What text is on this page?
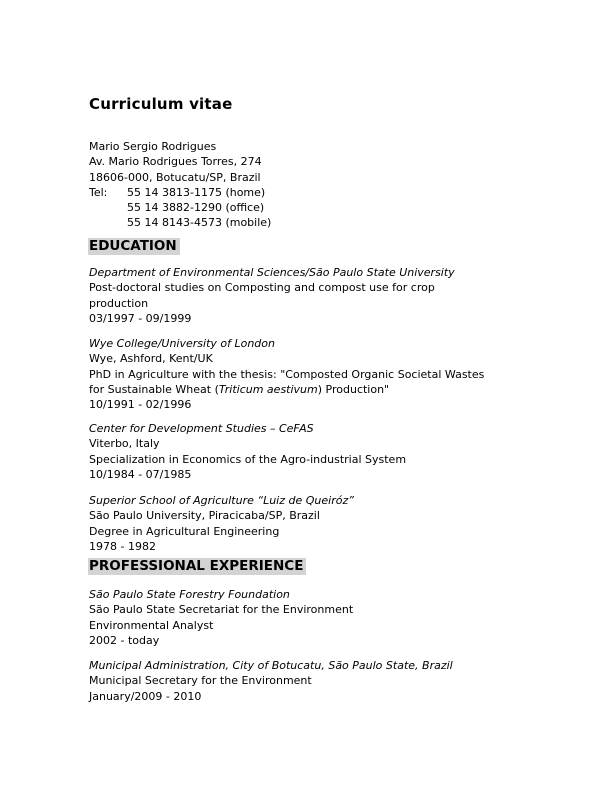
Curriculum vitae
Mario Sergio Rodrigues
Av. Mario Rodrigues Torres, 274
18606-000, Botucatu/SP, Brazil
Tel: 55 14 3813-1175 (home)
55 14 3882-1290 (office)
55 14 8143-4573 (mobile)
EDUCATION
Department of Environmental Sciences/São Paulo State University
Post-doctoral studies on Composting and compost use for crop
production
03/1997 - 09/1999
Wye College/University of London
Wye, Ashford, Kent/UK
PhD in Agriculture with the thesis: "Composted Organic Societal Wastes
for Sustainable Wheat (Triticum aestivum) Production"
10/1991 - 02/1996
Center for Development Studies – CeFAS
Viterbo, Italy
Specialization in Economics of the Agro-industrial System
10/1984 - 07/1985
Superior School of Agriculture “Luiz de Queiróz”
São Paulo University, Piracicaba/SP, Brazil
Degree in Agricultural Engineering
1978 - 1982
PROFESSIONAL EXPERIENCE
São Paulo State Forestry Foundation
São Paulo State Secretariat for the Environment
Environmental Analyst
2002 - today
Municipal Administration, City of Botucatu, São Paulo State, Brazil
Municipal Secretary for the Environment
January/2009 - 2010
